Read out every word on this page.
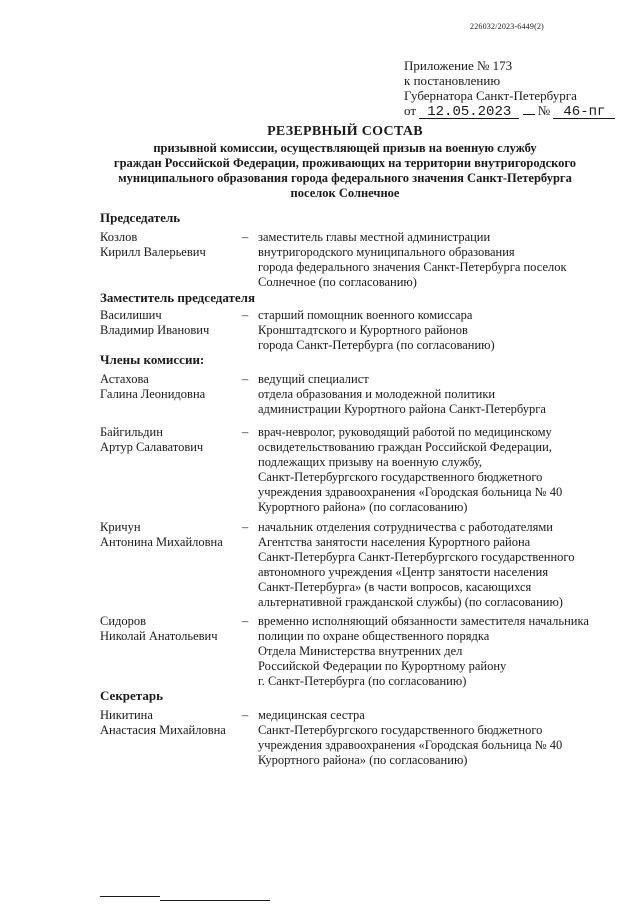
226032/2023-6449(2)
Приложение № 173
к постановлению
Губернатора Санкт-Петербурга
от 12.05.2023 № 46-пг
РЕЗЕРВНЫЙ СОСТАВ
призывной комиссии, осуществляющей призыв на военную службу
граждан Российской Федерации, проживающих на территории внутригородского
муниципального образования города федерального значения Санкт-Петербурга
поселок Солнечное
Председатель
Козлов
Кирилл Валерьевич
– заместитель главы местной администрации
внутригородского муниципального образования
города федерального значения Санкт-Петербурга поселок
Солнечное (по согласованию)
Заместитель председателя
Василишич
Владимир Иванович
– старший помощник военного комиссара
Кронштадтского и Курортного районов
города Санкт-Петербурга (по согласованию)
Члены комиссии:
Астахова
Галина Леонидовна
– ведущий специалист
отдела образования и молодежной политики
администрации Курортного района Санкт-Петербурга
Байгильдин
Артур Салаватович
– врач-невролог, руководящий работой по медицинскому
освидетельствованию граждан Российской Федерации,
подлежащих призыву на военную службу,
Санкт-Петербургского государственного бюджетного
учреждения здравоохранения «Городская больница № 40
Курортного района» (по согласованию)
Кричун
Антонина Михайловна
– начальник отделения сотрудничества с работодателями
Агентства занятости населения Курортного района
Санкт-Петербурга Санкт-Петербургского государственного
автономного учреждения «Центр занятости населения
Санкт-Петербурга» (в части вопросов, касающихся
альтернативной гражданской службы) (по согласованию)
Сидоров
Николай Анатольевич
– временно исполняющий обязанности заместителя начальника
полиции по охране общественного порядка
Отдела Министерства внутренних дел
Российской Федерации по Курортному району
г. Санкт-Петербурга (по согласованию)
Секретарь
Никитина
Анастасия Михайловна
– медицинская сестра
Санкт-Петербургского государственного бюджетного
учреждения здравоохранения «Городская больница № 40
Курортного района» (по согласованию)
